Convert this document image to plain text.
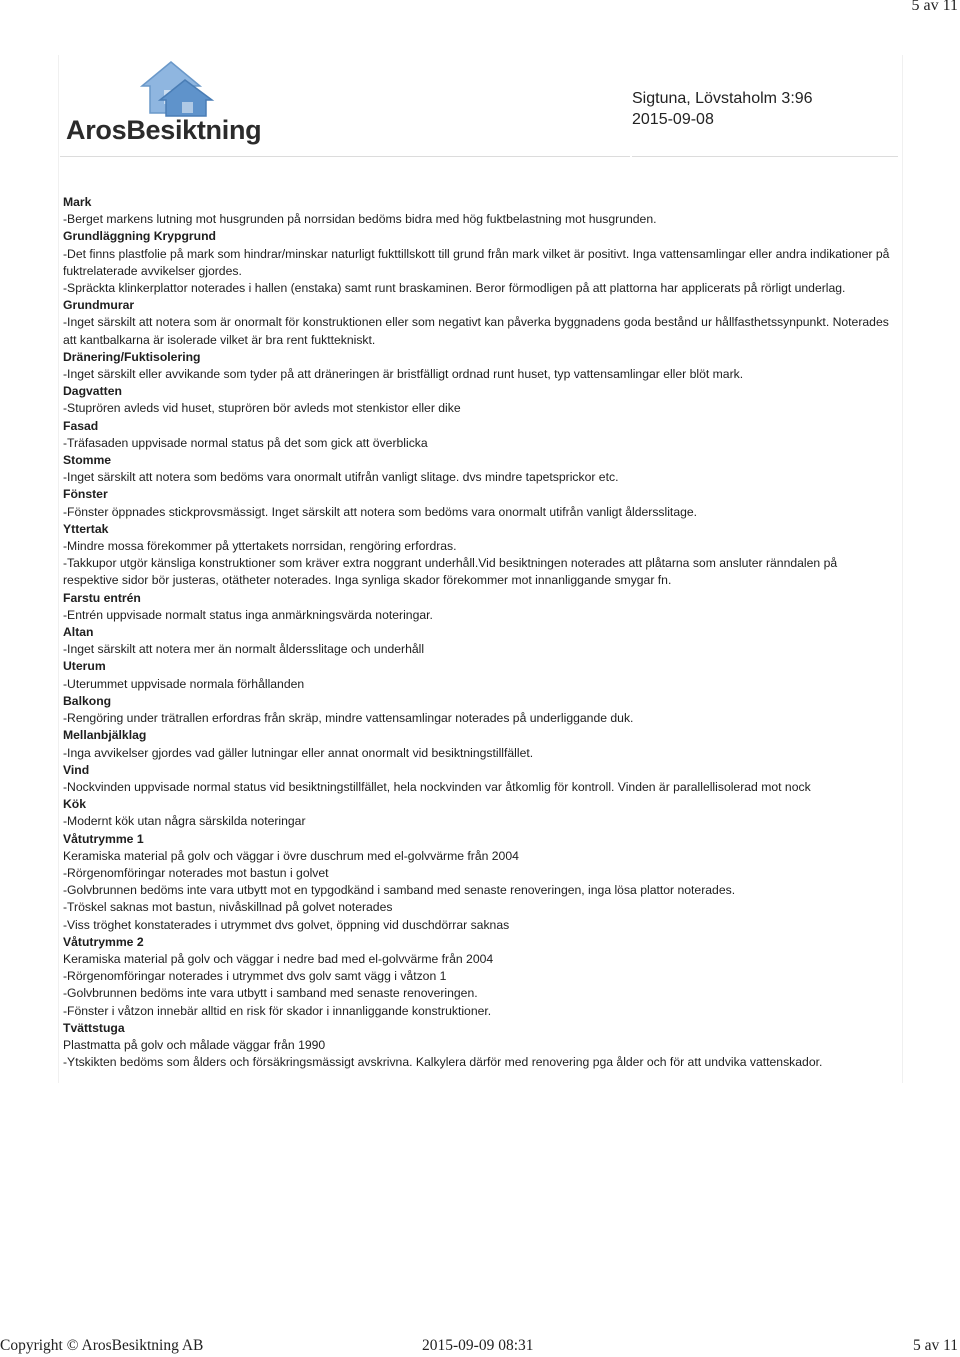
5 av 11
ArosBesiktning
Sigtuna, Lövstaholm 3:96
2015-09-08
Mark
-Berget markens lutning mot husgrunden på norrsidan bedöms bidra med hög fuktbelastning mot husgrunden.
Grundläggning Krypgrund
-Det finns plastfolie på mark som hindrar/minskar naturligt fukttillskott till grund från mark vilket är positivt. Inga vattensamlingar eller andra indikationer på fuktrelaterade avvikelser gjordes.
-Spräckta klinkerplattor noterades i hallen (enstaka) samt runt braskaminen. Beror förmodligen på att plattorna har applicerats på rörligt underlag.
Grundmurar
-Inget särskilt att notera som är onormalt för konstruktionen eller som negativt kan påverka byggnadens goda bestånd ur hållfasthetssynpunkt. Noterades att kantbalkarna är isolerade vilket är bra rent fukttekniskt.
Dränering/Fuktisolering
-Inget särskilt eller avvikande som tyder på att dräneringen är bristfälligt ordnad runt huset, typ vattensamlingar eller blöt mark.
Dagvatten
-Stuprören avleds vid huset, stuprören bör avleds mot stenkistor eller dike
Fasad
-Träfasaden uppvisade normal status på det som gick att överblicka
Stomme
-Inget särskilt att notera som bedöms vara onormalt utifrån vanligt slitage. dvs mindre tapetsprickor etc.
Fönster
-Fönster öppnades stickprovsmässigt. Inget särskilt att notera som bedöms vara onormalt utifrån vanligt åldersslitage.
Yttertak
-Mindre mossa förekommer på yttertakets norrsidan, rengöring erfordras.
-Takkupor utgör känsliga konstruktioner som kräver extra noggrant underhåll.Vid besiktningen noterades att plåtarna som ansluter ränndalen på respektive sidor bör justeras, otätheter noterades. Inga synliga skador förekommer mot innanliggande smygar fn.
Farstu entrén
-Entrén uppvisade normalt status inga anmärkningsvärda noteringar.
Altan
-Inget särskilt att notera mer än normalt åldersslitage och underhåll
Uterum
-Uterummet uppvisade normala förhållanden
Balkong
-Rengöring under trätrallen erfordras från skräp, mindre vattensamlingar noterades på underliggande duk.
Mellanbjälklag
-Inga avvikelser gjordes vad gäller lutningar eller annat onormalt vid besiktningstillfället.
Vind
-Nockvinden uppvisade normal status vid besiktningstillfället, hela nockvinden var åtkomlig för kontroll. Vinden är parallellisolerad mot nock
Kök
-Modernt kök utan några särskilda noteringar
Våtutrymme 1
Keramiska material på golv och väggar i övre duschrum med el-golvvärme från 2004
-Rörgenomföringar noterades mot bastun i golvet
-Golvbrunnen bedöms inte vara utbytt mot en typgodkänd i samband med senaste renoveringen, inga lösa plattor noterades.
-Tröskel saknas mot bastun, nivåskillnad på golvet noterades
-Viss tröghet konstaterades i utrymmet dvs golvet, öppning vid duschdörrar saknas
Våtutrymme 2
Keramiska material på golv och väggar i nedre bad med el-golvvärme från 2004
-Rörgenomföringar noterades i utrymmet dvs golv samt vägg i våtzon 1
-Golvbrunnen bedöms inte vara utbytt i samband med senaste renoveringen.
-Fönster i våtzon innebär alltid en risk för skador i innanliggande konstruktioner.
Tvättstuga
Plastmatta på golv och målade väggar från 1990
-Ytskikten bedöms som ålders och försäkringsmässigt avskrivna. Kalkylera därför med renovering pga ålder och för att undvika vattenskador.
Copyright © ArosBesiktning AB	2015-09-09 08:31	5 av 11
